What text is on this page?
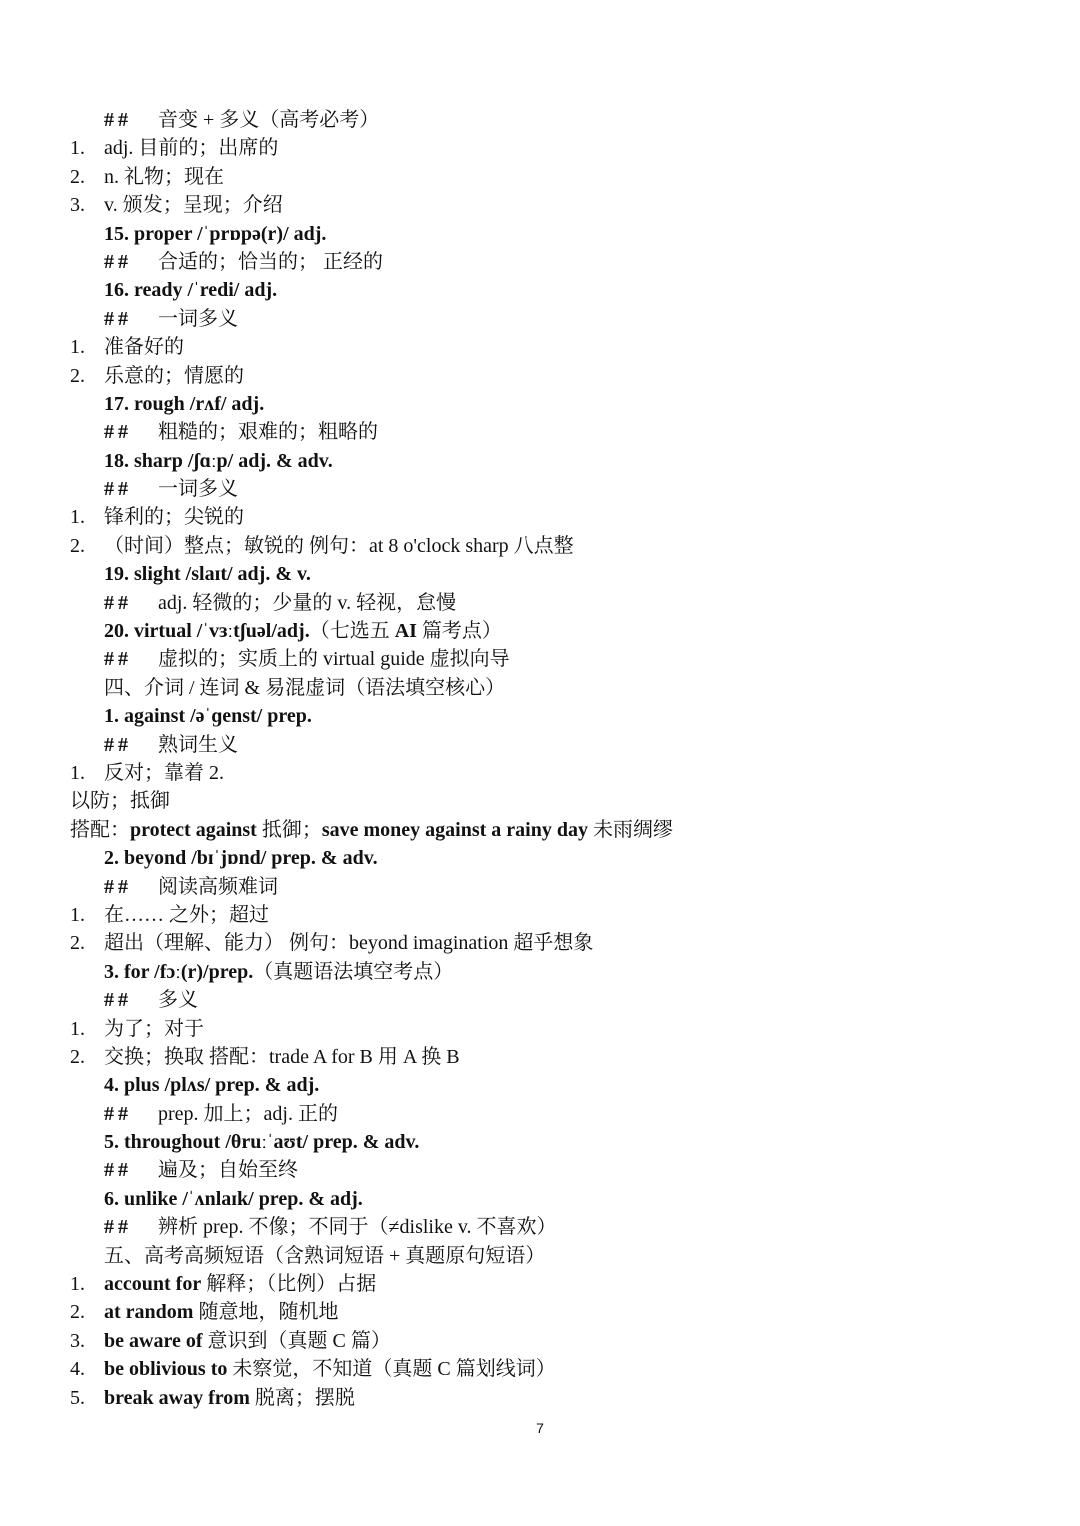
## 音变 + 多义（高考必考）
1. adj. 目前的；出席的
2. n. 礼物；现在
3. v. 颁发；呈现；介绍
15. proper /ˈprɒpə(r)/ adj.
## 合适的；恰当的； 正经的
16. ready /ˈredi/ adj.
## 一词多义
1. 准备好的
2. 乐意的；情愿的
17. rough /rʌf/ adj.
## 粗糙的；艰难的；粗略的
18. sharp /ʃɑːp/ adj. & adv.
## 一词多义
1. 锋利的；尖锐的
2. （时间）整点；敏锐的 例句：at 8 o'clock sharp 八点整
19. slight /slaɪt/ adj. & v.
## adj. 轻微的；少量的 v. 轻视，怠慢
20. virtual /ˈvɜːtʃuəl/adj.（七选五 AI 篇考点）
## 虚拟的；实质上的 virtual guide 虚拟向导
四、介词 / 连词 & 易混虚词（语法填空核心）
1. against /əˈɡenst/ prep.
## 熟词生义
1. 反对；靠着 2.
以防；抵御
搭配：protect against 抵御；save money against a rainy day 未雨绸缪
2. beyond /bɪˈjɒnd/ prep. & adv.
## 阅读高频难词
1. 在…… 之外；超过
2. 超出（理解、能力） 例句：beyond imagination 超乎想象
3. for /fɔː(r)/prep.（真题语法填空考点）
## 多义
1. 为了；对于
2. 交换；换取 搭配：trade A for B 用 A 换 B
4. plus /plʌs/ prep. & adj.
## prep. 加上；adj. 正的
5. throughout /θruːˈaʊt/ prep. & adv.
## 遍及；自始至终
6. unlike /ˈʌnlaɪk/ prep. & adj.
## 辨析 prep. 不像；不同于（≠dislike v. 不喜欢）
五、高考高频短语（含熟词短语 + 真题原句短语）
1. account for 解释；（比例）占据
2. at random 随意地，随机地
3. be aware of 意识到（真题 C 篇）
4. be oblivious to 未察觉，不知道（真题 C 篇划线词）
5. break away from 脱离；摆脱
7
